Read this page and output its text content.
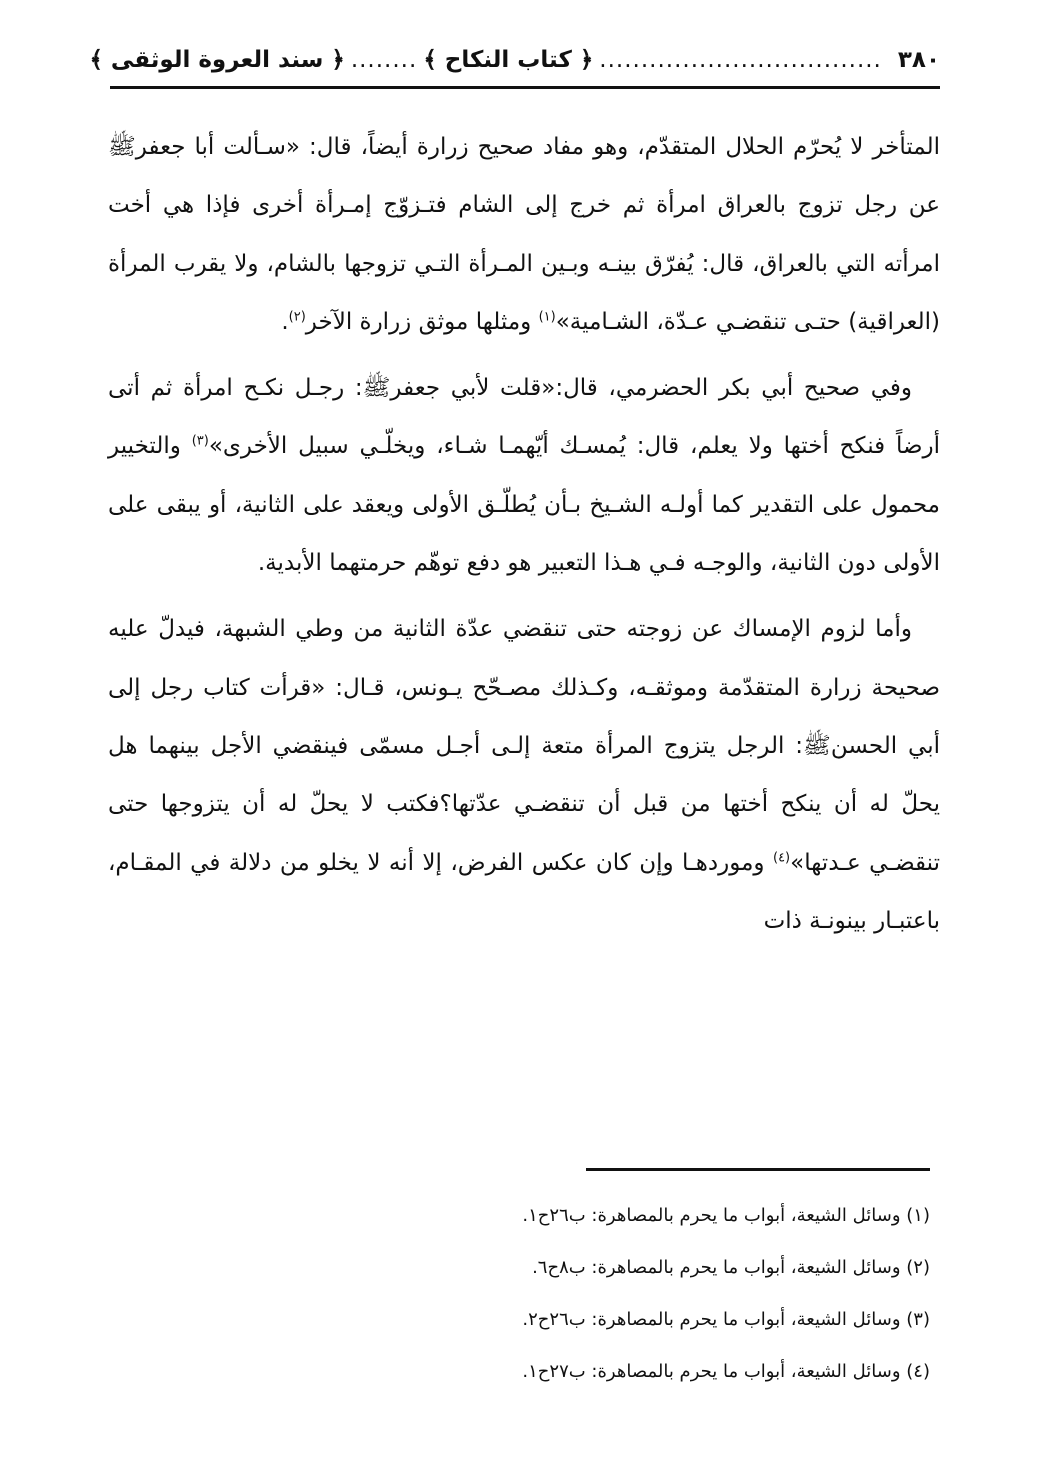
٣٨٠
..................................
﴿ كتاب النكاح ﴾
........
﴿ سند العروة الوثقى ﴾

المتأخر لا يُحرّم الحلال المتقدّم، وهو مفاد صحيح زرارة أيضاً، قال: «سـألت أبا جعفر‌ﷺ عن رجل تزوج بالعراق امرأة ثم خرج إلى الشام فتـزوّج إمـرأة أخرى فإذا هي أخت امرأته التي بالعراق، قال: يُفرّق بينـه وبـين المـرأة التـي تزوجها بالشام، ولا يقرب المرأة (العراقية) حتـى تنقضـي عـدّة، الشـامية»$^{(١)}$ ومثلها موثق زرارة الآخر$^{(٢)}$.

وفي صحيح أبي بكر الحضرمي، قال:«قلت لأبي جعفر‌ﷺ: رجـل نكـح امرأة ثم أتى أرضاً فنكح أختها ولا يعلم، قال: يُمسـك أيّهمـا شـاء، ويخلّـي سبيل الأخرى»$^{(٣)}$ والتخيير محمول على التقدير كما أولـه الشـيخ بـأن يُطلّـق الأولى ويعقد على الثانية، أو يبقى على الأولى دون الثانية، والوجـه فـي هـذا التعبير هو دفع توهّم حرمتهما الأبدية.

وأما لزوم الإمساك عن زوجته حتى تنقضي عدّة الثانية من وطي الشبهة، فيدلّ عليه صحيحة زرارة المتقدّمة وموثقـه، وكـذلك مصـحّح يـونس، قـال: «قرأت كتاب رجل إلى أبي الحسن‌ﷺ: الرجل يتزوج المرأة متعة إلـى أجـل مسمّى فينقضي الأجل بينهما هل يحلّ له أن ينكح أختها من قبل أن تنقضـي عدّتها؟فكتب لا يحلّ له أن يتزوجها حتى تنقضـي عـدتها»$^{(٤)}$ ومورده‍ـا وإن كان عكس الفرض، إلا أنه لا يخلو من دلالة في المقـام، باعتبـار بينونـة ذات

(١) وسائل الشيعة، أبواب ما يحرم بالمصاهرة: ب٢٦ح١.
(٢) وسائل الشيعة، أبواب ما يحرم بالمصاهرة: ب٨ح٦.
(٣) وسائل الشيعة، أبواب ما يحرم بالمصاهرة: ب٢٦ح٢.
(٤) وسائل الشيعة، أبواب ما يحرم بالمصاهرة: ب٢٧ح١.
